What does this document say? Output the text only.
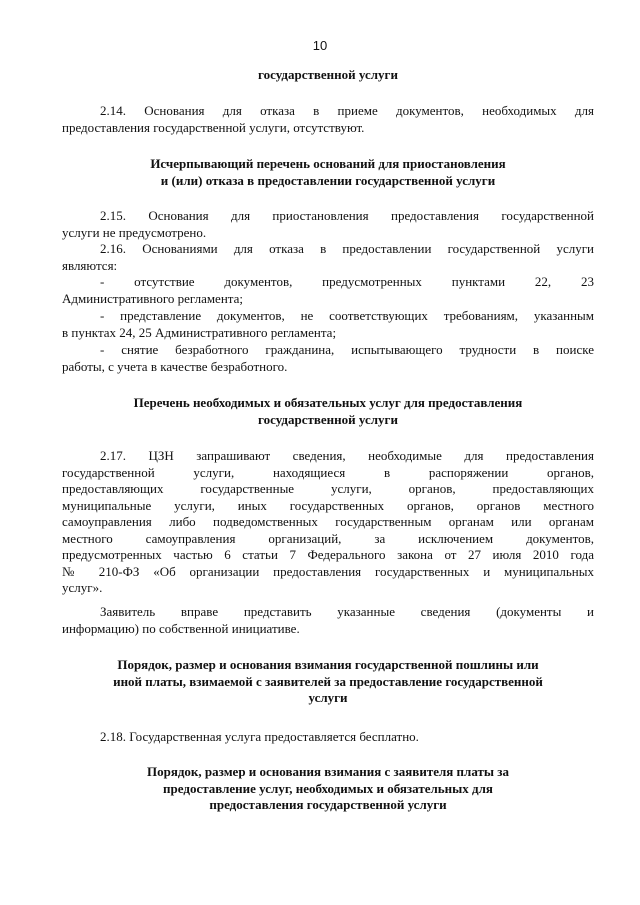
10
государственной услуги
2.14. Основания для отказа в приеме документов, необходимых для
предоставления государственной услуги, отсутствуют.
Исчерпывающий перечень оснований для приостановления
и (или) отказа в предоставлении государственной услуги
2.15. Основания для приостановления предоставления государственной
услуги не предусмотрено.
2.16. Основаниями для отказа в предоставлении государственной услуги
являются:
- отсутствие документов, предусмотренных пунктами 22, 23
Административного регламента;
- представление документов, не соответствующих требованиям, указанным
в пунктах 24, 25 Административного регламента;
- снятие безработного гражданина, испытывающего трудности в поиске
работы, с учета в качестве безработного.
Перечень необходимых и обязательных услуг для предоставления
государственной услуги
2.17. ЦЗН запрашивают сведения, необходимые для предоставления
государственной услуги, находящиеся в распоряжении органов,
предоставляющих государственные услуги, органов, предоставляющих
муниципальные услуги, иных государственных органов, органов местного
самоуправления либо подведомственных государственным органам или органам
местного самоуправления организаций, за исключением документов,
предусмотренных частью 6 статьи 7 Федерального закона от 27 июля 2010 года
№ 210-ФЗ «Об организации предоставления государственных и муниципальных
услуг».
Заявитель вправе представить указанные сведения (документы и
информацию) по собственной инициативе.
Порядок, размер и основания взимания государственной пошлины или
иной платы, взимаемой с заявителей за предоставление государственной
услуги
2.18. Государственная услуга предоставляется бесплатно.
Порядок, размер и основания взимания с заявителя платы за
предоставление услуг, необходимых и обязательных для
предоставления государственной услуги
